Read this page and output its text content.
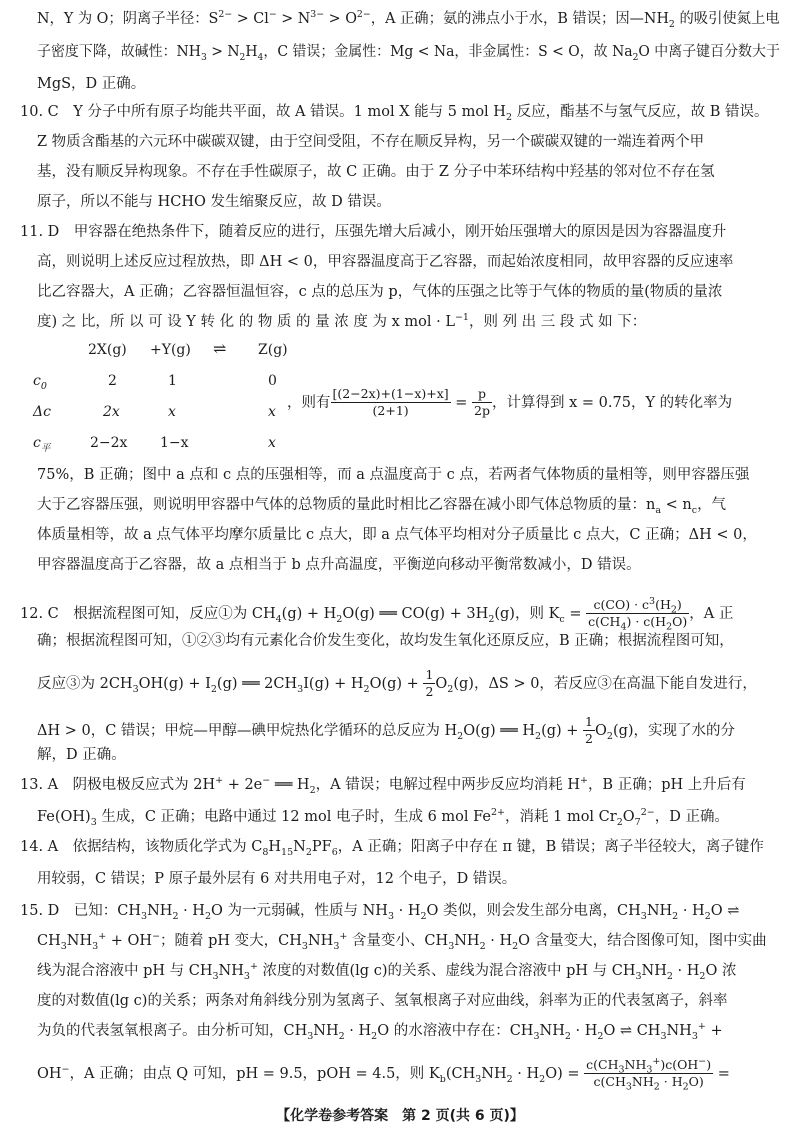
N，Y 为 O；阴离子半径：$S^{2-} > Cl^- > N^{3-} > O^{2-}$，A 正确；氨的沸点小于水，B 错误；因$—NH_2$ 的吸引使氮上电
子密度下降，故碱性：$NH_3 > N_2H_4$，C 错误；金属性：Mg < Na，非金属性：S < O，故 $Na_2O$ 中离子键百分数大于
MgS，D 正确。
10. C　Y 分子中所有原子均能共平面，故 A 错误。1 mol X 能与 5 mol $H_2$ 反应，酯基不与氢气反应，故 B 错误。
Z 物质含酯基的六元环中碳碳双键，由于空间受阻，不存在顺反异构，另一个碳碳双键的一端连着两个甲
基，没有顺反异构现象。不存在手性碳原子，故 C 正确。由于 Z 分子中苯环结构中羟基的邻对位不存在氢
原子，所以不能与 HCHO 发生缩聚反应，故 D 错误。
11. D　甲容器在绝热条件下，随着反应的进行，压强先增大后减小，刚开始压强增大的原因是因为容器温度升
高，则说明上述反应过程放热，即 ΔH < 0，甲容器温度高于乙容器，而起始浓度相同，故甲容器的反应速率
比乙容器大，A 正确；乙容器恒温恒容，c 点的总压为 p，气体的压强之比等于气体的物质的量(物质的量浓
度) 之 比，所 以 可 设 Y 转 化 的 物 质 的 量 浓 度 为 x mol · $L^{-1}$，则 列 出 三 段 式 如 下：
2X(g) +Y(g) ⇌ Z(g)
$c_0$	2	1	0
Δc	2x	x	x
$c_平$	2−2x 1−x	x
，则有 $\frac{[(2-2x)+(1-x)+x]}{(2+1)} = \frac{p}{2p}$ ，计算得到 x = 0.75，Y 的转化率为
75%，B 正确；图中 a 点和 c 点的压强相等，而 a 点温度高于 c 点，若两者气体物质的量相等，则甲容器压强
大于乙容器压强，则说明甲容器中气体的总物质的量此时相比乙容器在减小即气体总物质的量：$n_a < n_c$，气
体质量相等，故 a 点气体平均摩尔质量比 c 点大，即 a 点气体平均相对分子质量比 c 点大，C 正确；ΔH < 0，
甲容器温度高于乙容器，故 a 点相当于 b 点升高温度，平衡逆向移动平衡常数减小，D 错误。
12. C　根据流程图可知，反应①为 $CH_4(g) + H_2O(g)$ ══ $CO(g) + 3H_2(g)$，则 $K_c = \frac{c(CO) \cdot c^3(H_2)}{c(CH_4) \cdot c(H_2O)}$ ，A 正
确；根据流程图可知，①②③均有元素化合价发生变化，故均发生氧化还原反应，B 正确；根据流程图可知，
反应③为 $2CH_3OH(g) + I_2(g)$ ══ $2CH_3I(g) + H_2O(g) + \frac{1}{2} O_2(g)$，ΔS > 0，若反应③在高温下能自发进行，
ΔH > 0，C 错误；甲烷—甲醇—碘甲烷热化学循环的总反应为 $H_2O(g)$ ══ $H_2(g) + \frac{1}{2} O_2(g)$，实现了水的分
解，D 正确。
13. A　阴极电极反应式为 2H+ + 2e− ══ $H_2$，A 错误；电解过程中两步反应均消耗 H+，B 正确；pH 上升后有
$Fe(OH)_3$ 生成，C 正确；电路中通过 12 mol 电子时，生成 6 mol $Fe^{2+}$，消耗 1 mol $Cr_2O_7^{2-}$，D 正确。
14. A　依据结构，该物质化学式为 $C_8H_{15}N_2PF_6$，A 正确；阳离子中存在 π 键，B 错误；离子半径较大，离子键作
用较弱，C 错误；P 原子最外层有 6 对共用电子对，12 个电子，D 错误。
15. D　已知：$CH_3NH_2 \cdot H_2O$ 为一元弱碱，性质与 $NH_3 \cdot H_2O$ 类似，则会发生部分电离，$CH_3NH_2 \cdot H_2O$ ⇌
$CH_3NH_3^+ + OH^-$；随着 pH 变大，$CH_3NH_3^+$ 含量变小、$CH_3NH_2 \cdot H_2O$ 含量变大，结合图像可知，图中实曲
线为混合溶液中 pH 与 $CH_3NH_3^+$ 浓度的对数值(lg c)的关系、虚线为混合溶液中 pH 与 $CH_3NH_2 \cdot H_2O$ 浓
度的对数值(lg c)的关系；两条对角斜线分别为氢离子、氢氧根离子对应曲线，斜率为正的代表氢离子，斜率
为负的代表氢氧根离子。由分析可知，$CH_3NH_2 \cdot H_2O$ 的水溶液中存在：$CH_3NH_2 \cdot H_2O$ ⇌ $CH_3NH_3^+$ +
OH−，A 正确；由点 Q 可知，pH = 9.5，pOH = 4.5，则 $K_b(CH_3NH_2 \cdot H_2O) = \frac{c(CH_3NH_3^+)c(OH^-)}{c(CH_3NH_2 \cdot H_2O)}$ =
【化学卷参考答案　第 2 页(共 6 页)】
